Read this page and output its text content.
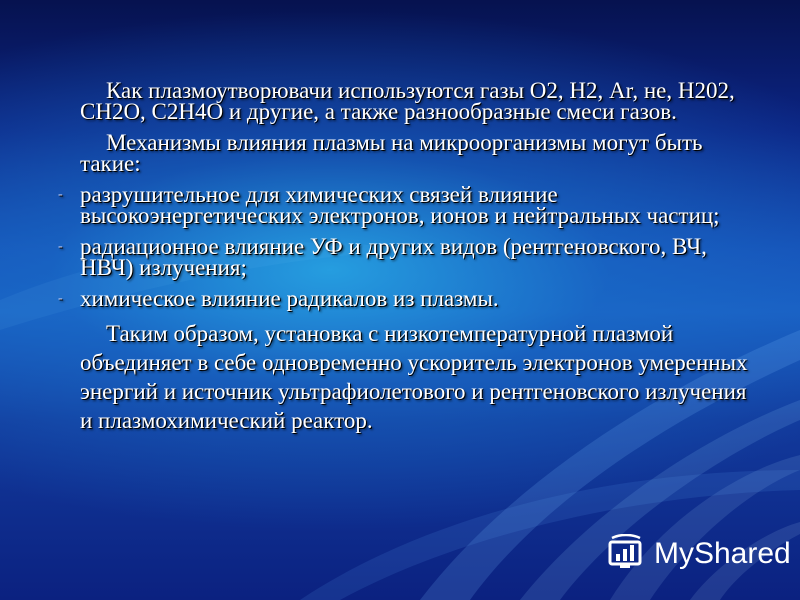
Как плазмоутворювачи используются газы О2, Н2, Аr, не, Н202, СН2О, С2Н4О и другие, а также разнообразные смеси газов.

Механизмы влияния плазмы на микроорганизмы могут быть такие:

- разрушительное для химических связей влияние высокоэнергетических электронов, ионов и нейтральных частиц;
- радиационное влияние УФ и других видов (рентгеновского, ВЧ, НВЧ) излучения;
- химическое влияние радикалов из плазмы.

Таким образом, установка с низкотемпературной плазмой объединяет в себе одновременно ускоритель электронов умеренных энергий и источник ультрафиолетового и рентгеновского излучения и плазмохимический реактор.

MyShared
